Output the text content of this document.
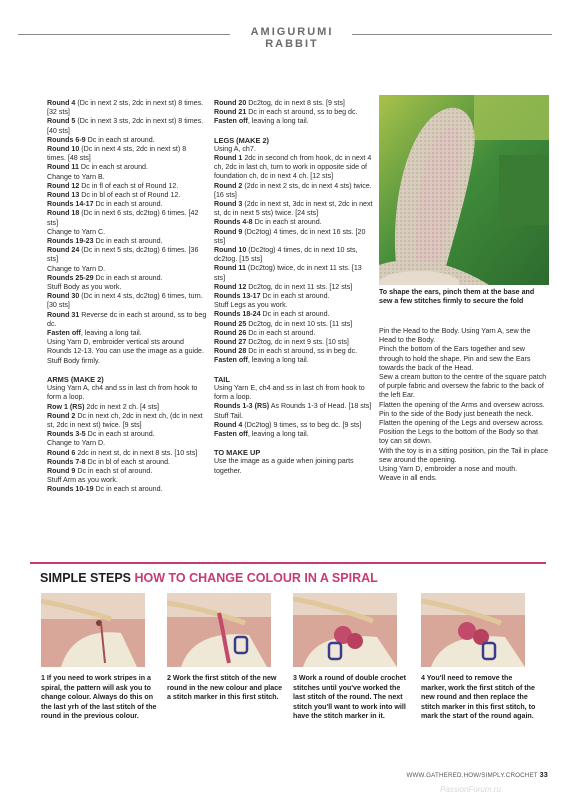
AMIGURUMI RABBIT

Round 4 (Dc in next 2 sts, 2dc in next st) 8 times. [32 sts]

Round 5 (Dc in next 3 sts, 2dc in next st) 8 times. [40 sts]

Rounds 6-9 Dc in each st around.

Round 10 (Dc in next 4 sts, 2dc in next st) 8 times. [48 sts]

Round 11 Dc in each st around.

Change to Yarn B.

Round 12 Dc in fl of each st of Round 12.

Round 13 Dc in bl of each st of Round 12.

Rounds 14-17 Dc in each st around.

Round 18 (Dc in next 6 sts, dc2tog) 6 times. [42 sts]

Change to Yarn C.

Rounds 19-23 Dc in each st around.

Round 24 (Dc in next 5 sts, dc2tog) 6 times. [36 sts]

Change to Yarn D.

Rounds 25-29 Dc in each st around.

Stuff Body as you work.

Round 30 (Dc in next 4 sts, dc2tog) 6 times, turn. [30 sts]

Round 31 Reverse dc in each st around, ss to beg dc.

Fasten off, leaving a long tail.

Using Yarn D, embroider vertical sts around Rounds 12-13. You can use the image as a guide.

Stuff Body firmly.

ARMS (MAKE 2)

Using Yarn A, ch4 and ss in last ch from hook to form a loop.

Row 1 (RS) 2dc in next 2 ch. [4 sts]

Round 2 Dc in next ch, 2dc in next ch, (dc in next st, 2dc in next st) twice. [9 sts]

Rounds 3-5 Dc in each st around.

Change to Yarn D.

Round 6 2dc in next st, dc in next 8 sts. [10 sts]

Rounds 7-8 Dc in bl of each st around.

Round 9 Dc in each st of around.

Stuff Arm as you work.

Rounds 10-19 Dc in each st around.

Round 20 Dc2tog, dc in next 8 sts. [9 sts]

Round 21 Dc in each st around, ss to beg dc.

Fasten off, leaving a long tail.

LEGS (MAKE 2)

Using A, ch7.

Round 1 2dc in second ch from hook, dc in next 4 ch, 2dc in last ch, turn to work in opposite side of foundation ch, dc in next 4 ch. [12 sts]

Round 2 (2dc in next 2 sts, dc in next 4 sts) twice. [16 sts]

Round 3 (2dc in next st, 3dc in next st, 2dc in next st, dc in next 5 sts) twice. [24 sts]

Rounds 4-8 Dc in each st around.

Round 9 (Dc2tog) 4 times, dc in next 16 sts. [20 sts]

Round 10 (Dc2tog) 4 times, dc in next 10 sts, dc2tog. [15 sts]

Round 11 (Dc2tog) twice, dc in next 11 sts. [13 sts]

Round 12 Dc2tog, dc in next 11 sts. [12 sts]

Rounds 13-17 Dc in each st around.

Stuff Legs as you work.

Rounds 18-24 Dc in each st around.

Round 25 Dc2tog, dc in next 10 sts. [11 sts]

Round 26 Dc in each st around.

Round 27 Dc2tog, dc in next 9 sts. [10 sts]

Round 28 Dc in each st around, ss in beg dc.

Fasten off, leaving a long tail.

TAIL

Using Yarn E, ch4 and ss in last ch from hook to form a loop.

Rounds 1-3 (RS) As Rounds 1-3 of Head. [18 sts]

Stuff Tail.

Round 4 (Dc2tog) 9 times, ss to beg dc. [9 sts]

Fasten off, leaving a long tail.

TO MAKE UP

Use the image as a guide when joining parts together.

To shape the ears, pinch them at the base and sew a few stitches firmly to secure the fold

Pin the Head to the Body. Using Yarn A, sew the Head to the Body.

Pinch the bottom of the Ears together and sew through to hold the shape. Pin and sew the Ears towards the back of the Head.

Sew a cream button to the centre of the square patch of purple fabric and oversew the fabric to the back of the left Ear.

Flatten the opening of the Arms and oversew across. Pin to the side of the Body just beneath the neck.

Flatten the opening of the Legs and oversew across. Position the Legs to the bottom of the Body so that toy can sit down.

With the toy is in a sitting position, pin the Tail in place sew around the opening.

Using Yarn D, embroider a nose and mouth.

Weave in all ends.

SIMPLE STEPS HOW TO CHANGE COLOUR IN A SPIRAL
1 If you need to work stripes in a spiral, the pattern will ask you to change colour. Always do this on the last yrh of the last stitch of the round in the previous colour.
2 Work the first stitch of the new round in the new colour and place a stitch marker in this first stitch.
3 Work a round of double crochet stitches until you've worked the last stitch of the round. The next stitch you'll want to work into will have the stitch marker in it.
4 You'll need to remove the marker, work the first stitch of the new round and then replace the stitch marker in this first stitch, to mark the start of the round again.
WWW.GATHERED.HOW/SIMPLY.CROCHET 33
PassionForum.ru
